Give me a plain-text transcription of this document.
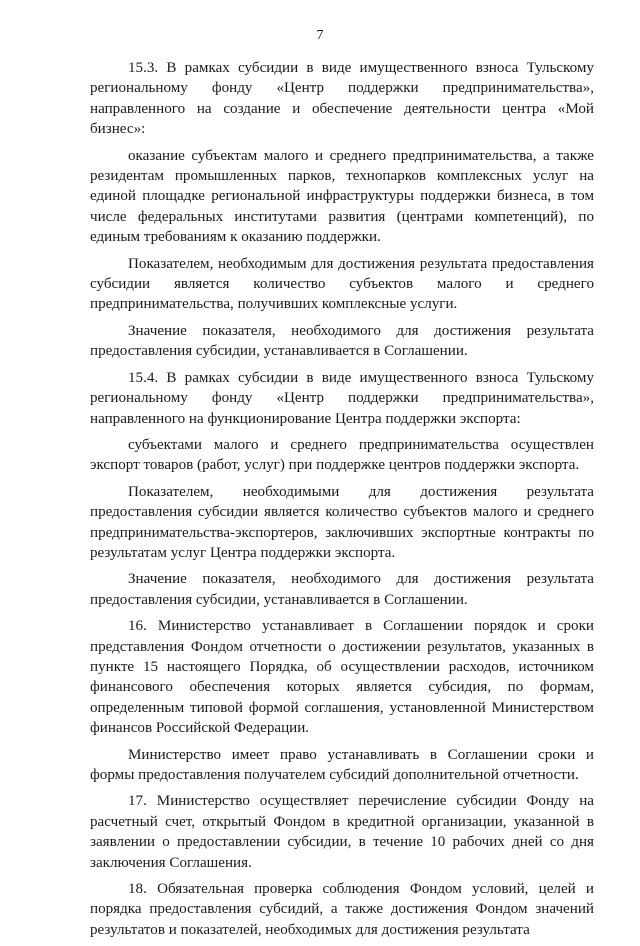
7

15.3. В рамках субсидии в виде имущественного взноса Тульскому региональному фонду «Центр поддержки предпринимательства», направленного на создание и обеспечение деятельности центра «Мой бизнес»:

оказание субъектам малого и среднего предпринимательства, а также резидентам промышленных парков, технопарков комплексных услуг на единой площадке региональной инфраструктуры поддержки бизнеса, в том числе федеральных институтами развития (центрами компетенций), по единым требованиям к оказанию поддержки.

Показателем, необходимым для достижения результата предоставления субсидии является количество субъектов малого и среднего предпринимательства, получивших комплексные услуги.

Значение показателя, необходимого для достижения результата предоставления субсидии, устанавливается в Соглашении.

15.4. В рамках субсидии в виде имущественного взноса Тульскому региональному фонду «Центр поддержки предпринимательства», направленного на функционирование Центра поддержки экспорта:

субъектами малого и среднего предпринимательства осуществлен экспорт товаров (работ, услуг) при поддержке центров поддержки экспорта.

Показателем, необходимыми для достижения результата предоставления субсидии является количество субъектов малого и среднего предпринимательства-экспортеров, заключивших экспортные контракты по результатам услуг Центра поддержки экспорта.

Значение показателя, необходимого для достижения результата предоставления субсидии, устанавливается в Соглашении.

16. Министерство устанавливает в Соглашении порядок и сроки представления Фондом отчетности о достижении результатов, указанных в пункте 15 настоящего Порядка, об осуществлении расходов, источником финансового обеспечения которых является субсидия, по формам, определенным типовой формой соглашения, установленной Министерством финансов Российской Федерации.

Министерство имеет право устанавливать в Соглашении сроки и формы предоставления получателем субсидий дополнительной отчетности.

17. Министерство осуществляет перечисление субсидии Фонду на расчетный счет, открытый Фондом в кредитной организации, указанной в заявлении о предоставлении субсидии, в течение 10 рабочих дней со дня заключения Соглашения.

18. Обязательная проверка соблюдения Фондом условий, целей и порядка предоставления субсидий, а также достижения Фондом значений результатов и показателей, необходимых для достижения результата
